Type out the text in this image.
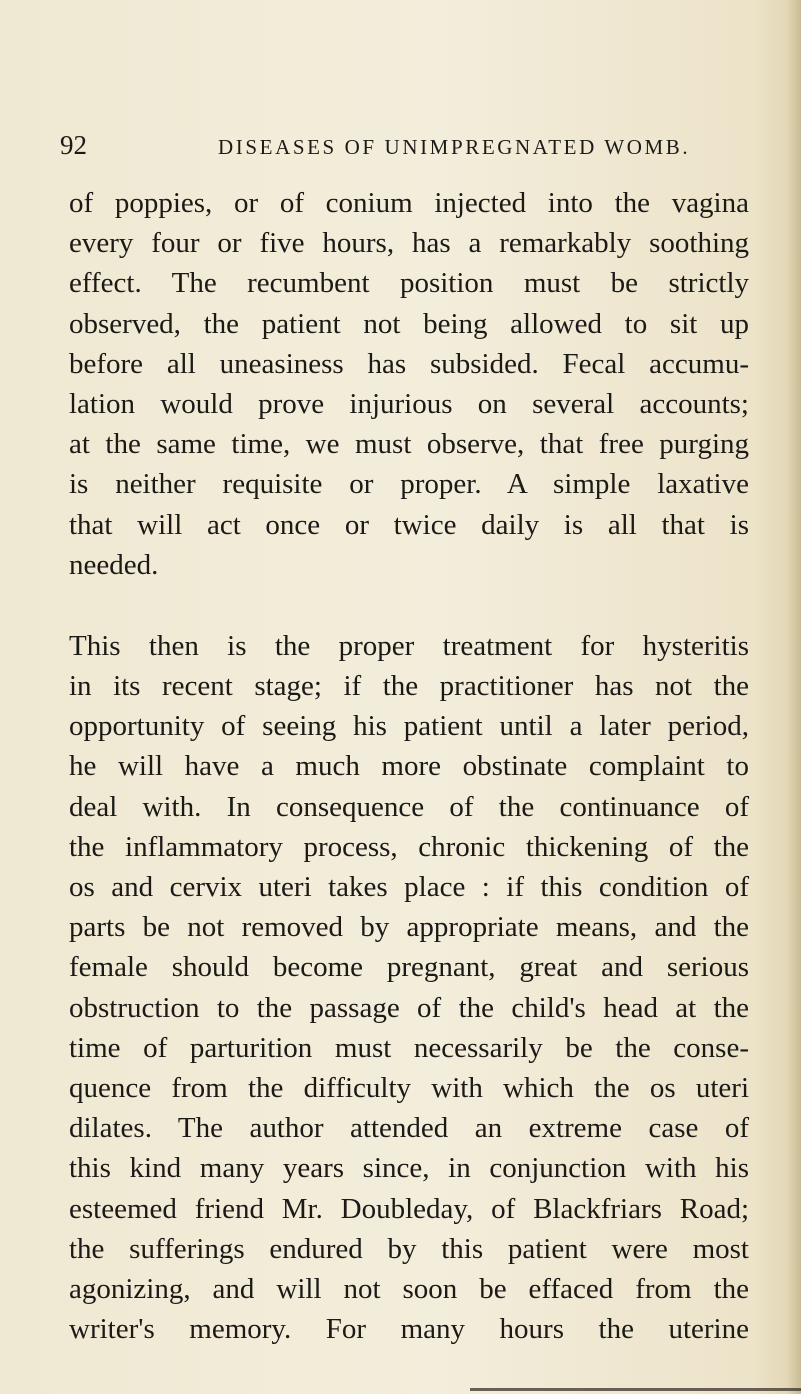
92	DISEASES OF UNIMPREGNATED WOMB.
of poppies, or of conium injected into the vagina
every four or five hours, has a remarkably soothing
effect. The recumbent position must be strictly
observed, the patient not being allowed to sit up
before all uneasiness has subsided. Fecal accumu-
lation would prove injurious on several accounts;
at the same time, we must observe, that free purging
is neither requisite or proper. A simple laxative
that will act once or twice daily is all that is
needed.
This then is the proper treatment for hysteritis
in its recent stage; if the practitioner has not the
opportunity of seeing his patient until a later period,
he will have a much more obstinate complaint to
deal with. In consequence of the continuance of
the inflammatory process, chronic thickening of the
os and cervix uteri takes place : if this condition of
parts be not removed by appropriate means, and the
female should become pregnant, great and serious
obstruction to the passage of the child's head at the
time of parturition must necessarily be the conse-
quence from the difficulty with which the os uteri
dilates. The author attended an extreme case of
this kind many years since, in conjunction with his
esteemed friend Mr. Doubleday, of Blackfriars Road;
the sufferings endured by this patient were most
agonizing, and will not soon be effaced from the
writer's memory. For many hours the uterine
